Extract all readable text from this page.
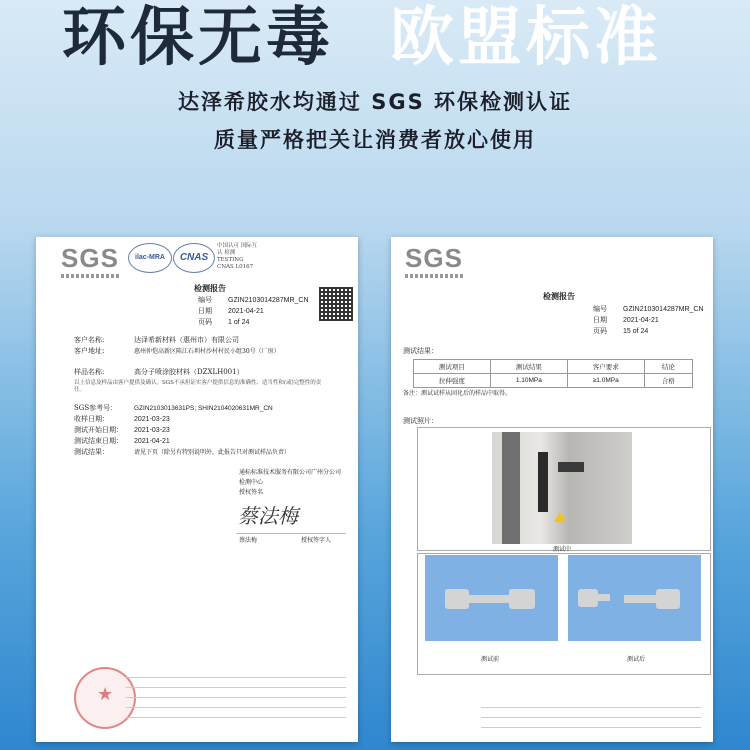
环保无毒 欧盟标准
达泽希胶水均通过 SGS 环保检测认证
质量严格把关让消费者放心使用
SGS	ilac-MRA	CNAS
中国认可 国际互认 检测 TESTING CNAS L0167
检测报告
编号 GZIN2103014287MR_CN
日期 2021-04-21
页码 1 of 24
客户名称:	达泽希新材料（惠州市）有限公司
客户地址:	惠州仲恺高新区陈江石圳村沙村村民小组30号（厂房）
样品名称:	高分子喷涂胶材料（DZXLH001）
以上信息及样品由客户提供及确认。SGS不承担证实客户提供信息的准确性、适当性和(或)完整性的责任。
SGS参考号：	GZIN2103013631PS; SHIN2104020631MR_CN
收样日期：	2021-03-23
测试开始日期： 2021-03-23
测试结束日期： 2021-04-21
测试结果：	请见下页（除另有特别说明外，此报告只对测试样品负责）
通标标准技术服务有限公司广州分公司
检测中心
授权签名
蔡法梅
蔡法梅	授权签字人
★
SGS
检测报告
编号 GZIN2103014287MR_CN
日期 2021-04-21
页码 15 of 24
测试结果：
测试项目	测试结果	客户要求	结论
拉伸强度	1.10MPa	≥1.0MPa	合格
备注：测试试样从固化后的样品中取得。
测试照片：
测试中
测试前	测试后
